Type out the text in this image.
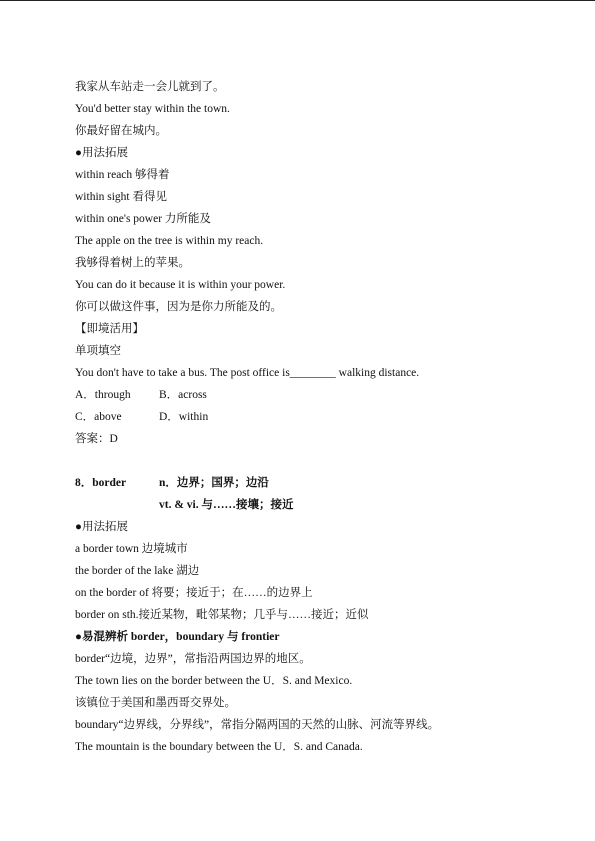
我家从车站走一会儿就到了。
You'd better stay within the town.
你最好留在城内。
●用法拓展
within reach 够得着
within sight 看得见
within one's power 力所能及
The apple on the tree is within my reach.
我够得着树上的苹果。
You can do it because it is within your power.
你可以做这件事，因为是你力所能及的。
【即境活用】
单项填空
You don't have to take a bus. The post office is________ walking distance.
A．through B．across
C．above	D．within
答案：D
8．border	n．边界；国界；边沿
vt. & vi. 与……接壤；接近
●用法拓展
a border town 边境城市
the border of the lake 湖边
on the border of 将要；接近于；在……的边界上
border on sth.接近某物，毗邻某物；几乎与……接近；近似
●易混辨析 border，boundary 与 frontier
border“边境，边界”，常指沿两国边界的地区。
The town lies on the border between the U．S. and Mexico.
该镇位于美国和墨西哥交界处。
boundary“边界线，分界线”，常指分隔两国的天然的山脉、河流等界线。
The mountain is the boundary between the U．S. and Canada.
